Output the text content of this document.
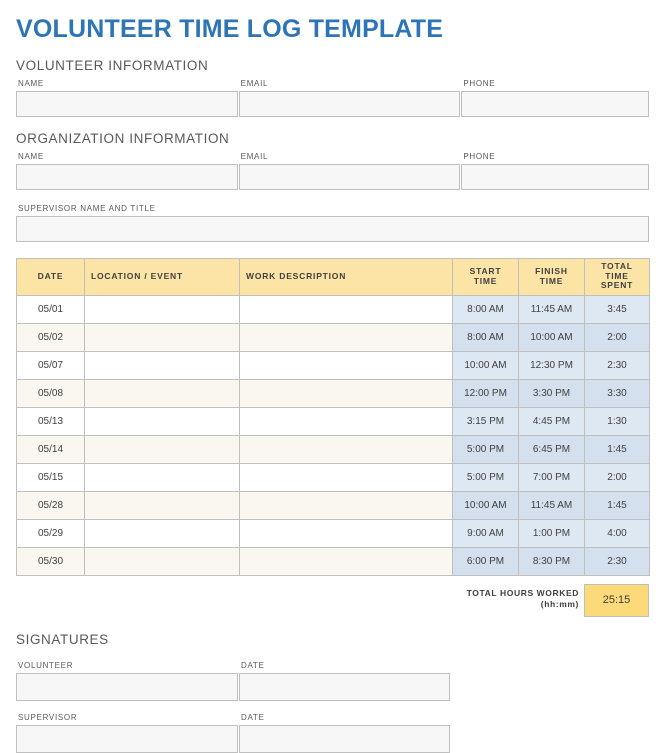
VOLUNTEER TIME LOG TEMPLATE
VOLUNTEER INFORMATION
NAME	EMAIL	PHONE
ORGANIZATION INFORMATION
NAME	EMAIL	PHONE
SUPERVISOR NAME AND TITLE
DATE	LOCATION / EVENT	WORK DESCRIPTION	START TIME	FINISH TIME	TOTAL TIME SPENT
05/01			8:00 AM	11:45 AM	3:45
05/02			8:00 AM	10:00 AM	2:00
05/07			10:00 AM	12:30 PM	2:30
05/08			12:00 PM	3:30 PM	3:30
05/13			3:15 PM	4:45 PM	1:30
05/14			5:00 PM	6:45 PM	1:45
05/15			5:00 PM	7:00 PM	2:00
05/28			10:00 AM	11:45 AM	1:45
05/29			9:00 AM	1:00 PM	4:00
05/30			6:00 PM	8:30 PM	2:30
TOTAL HOURS WORKED
(hh:mm)	25:15
SIGNATURES
VOLUNTEER	DATE
SUPERVISOR	DATE
